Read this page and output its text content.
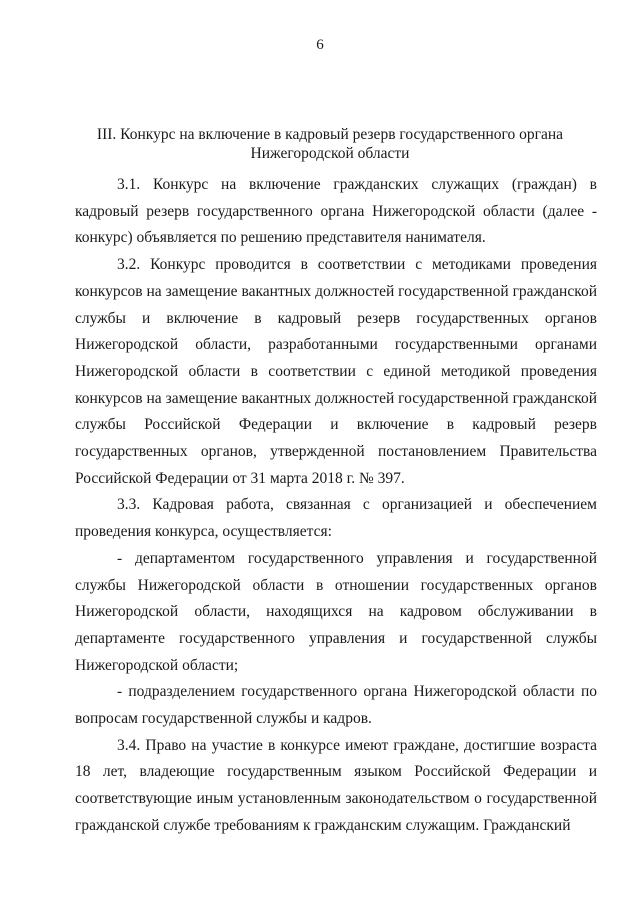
6
III. Конкурс на включение в кадровый резерв государственного органа Нижегородской области

3.1. Конкурс на включение гражданских служащих (граждан) в кадровый резерв государственного органа Нижегородской области (далее - конкурс) объявляется по решению представителя нанимателя.

3.2. Конкурс проводится в соответствии с методиками проведения конкурсов на замещение вакантных должностей государственной гражданской службы и включение в кадровый резерв государственных органов Нижегородской области, разработанными государственными органами Нижегородской области в соответствии с единой методикой проведения конкурсов на замещение вакантных должностей государственной гражданской службы Российской Федерации и включение в кадровый резерв государственных органов, утвержденной постановлением Правительства Российской Федерации от 31 марта 2018 г. № 397.

3.3. Кадровая работа, связанная с организацией и обеспечением проведения конкурса, осуществляется:

- департаментом государственного управления и государственной службы Нижегородской области в отношении государственных органов Нижегородской области, находящихся на кадровом обслуживании в департаменте государственного управления и государственной службы Нижегородской области;

- подразделением государственного органа Нижегородской области по вопросам государственной службы и кадров.

3.4. Право на участие в конкурсе имеют граждане, достигшие возраста 18 лет, владеющие государственным языком Российской Федерации и соответствующие иным установленным законодательством о государственной гражданской службе требованиям к гражданским служащим. Гражданский
